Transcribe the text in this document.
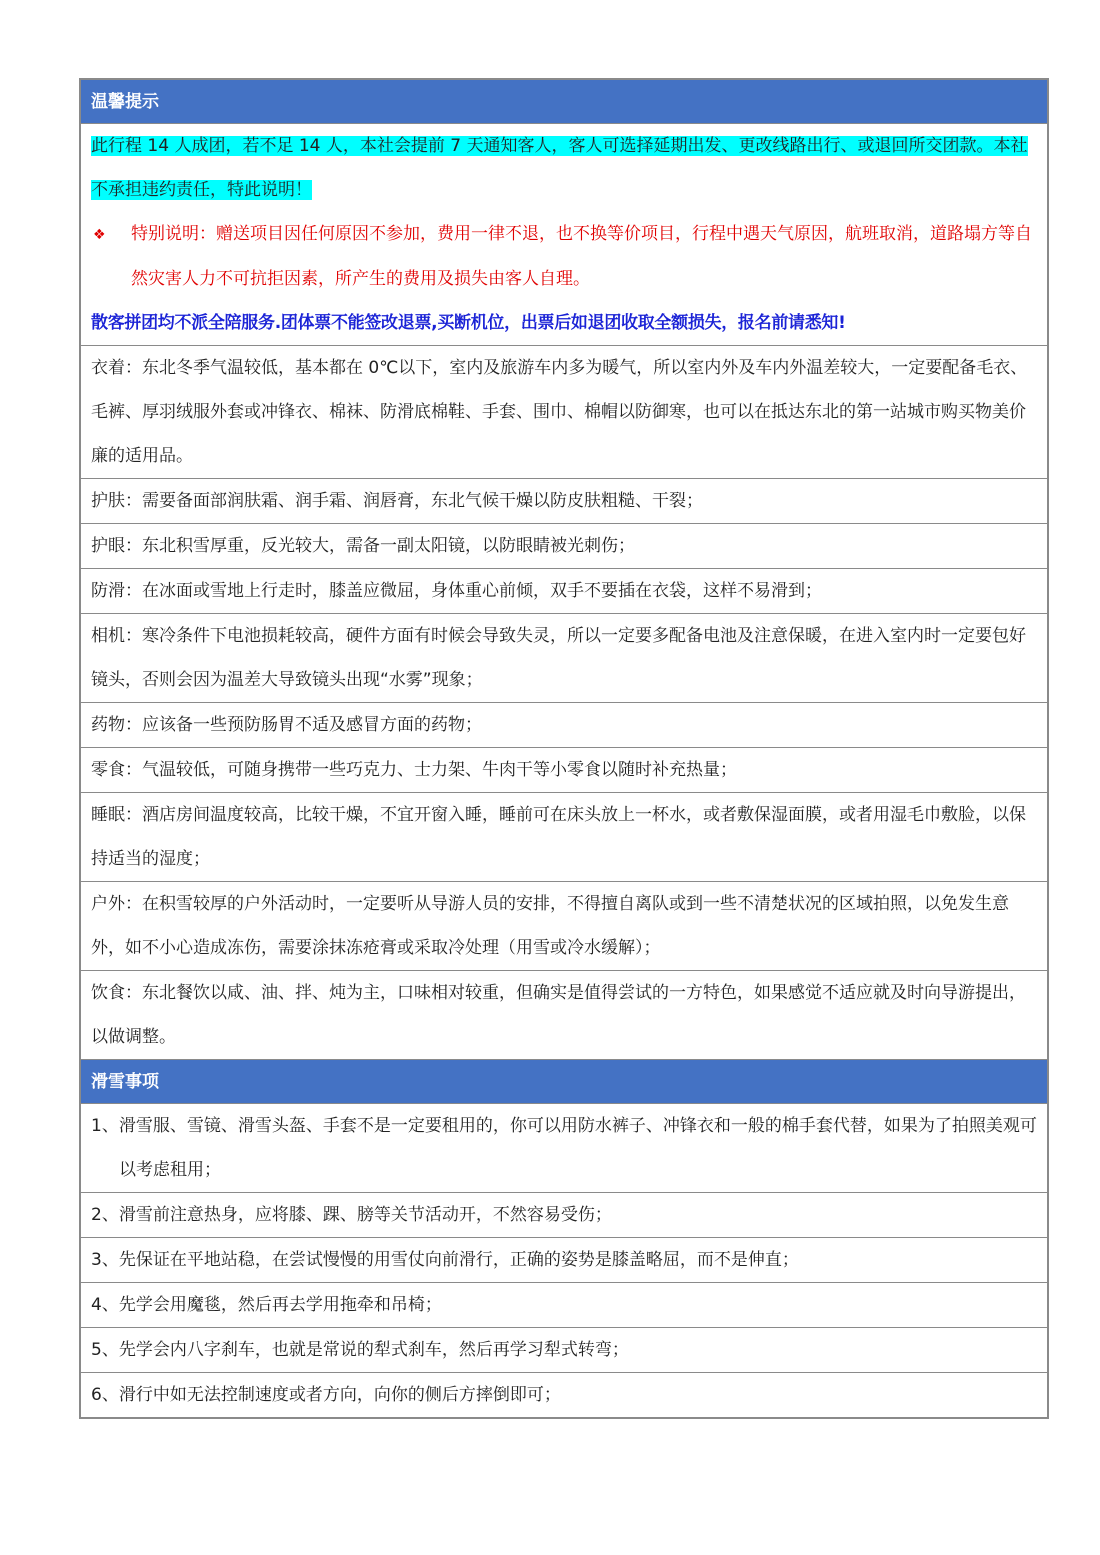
温馨提示

此行程 14 人成团，若不足 14 人，本社会提前 7 天通知客人，客人可选择延期出发、更改线路出行、或退回所交团款。本社不承担违约责任，特此说明！

❖ 特别说明：赠送项目因任何原因不参加，费用一律不退，也不换等价项目，行程中遇天气原因，航班取消，道路塌方等自然灾害人力不可抗拒因素，所产生的费用及损失由客人自理。
散客拼团均不派全陪服务.团体票不能签改退票,买断机位，出票后如退团收取全额损失，报名前请悉知!
衣着：东北冬季气温较低，基本都在 0℃以下，室内及旅游车内多为暖气，所以室内外及车内外温差较大，一定要配备毛衣、毛裤、厚羽绒服外套或冲锋衣、棉袜、防滑底棉鞋、手套、围巾、棉帽以防御寒，也可以在抵达东北的第一站城市购买物美价廉的适用品。
护肤：需要备面部润肤霜、润手霜、润唇膏，东北气候干燥以防皮肤粗糙、干裂；
护眼：东北积雪厚重，反光较大，需备一副太阳镜，以防眼睛被光刺伤；
防滑：在冰面或雪地上行走时，膝盖应微屈，身体重心前倾，双手不要插在衣袋，这样不易滑到；
相机：寒冷条件下电池损耗较高，硬件方面有时候会导致失灵，所以一定要多配备电池及注意保暖，在进入室内时一定要包好镜头，否则会因为温差大导致镜头出现“水雾”现象；
药物：应该备一些预防肠胃不适及感冒方面的药物；
零食：气温较低，可随身携带一些巧克力、士力架、牛肉干等小零食以随时补充热量；
睡眠：酒店房间温度较高，比较干燥，不宜开窗入睡，睡前可在床头放上一杯水，或者敷保湿面膜，或者用湿毛巾敷脸，以保持适当的湿度；
户外：在积雪较厚的户外活动时，一定要听从导游人员的安排，不得擅自离队或到一些不清楚状况的区域拍照，以免发生意外，如不小心造成冻伤，需要涂抹冻疮膏或采取冷处理（用雪或冷水缓解）；
饮食：东北餐饮以咸、油、拌、炖为主，口味相对较重，但确实是值得尝试的一方特色，如果感觉不适应就及时向导游提出，以做调整。
滑雪事项
1、滑雪服、雪镜、滑雪头盔、手套不是一定要租用的，你可以用防水裤子、冲锋衣和一般的棉手套代替，如果为了拍照美观可以考虑租用；
2、滑雪前注意热身，应将膝、踝、膀等关节活动开，不然容易受伤；
3、先保证在平地站稳，在尝试慢慢的用雪仗向前滑行，正确的姿势是膝盖略屈，而不是伸直；
4、先学会用魔毯，然后再去学用拖牵和吊椅；
5、先学会内八字刹车，也就是常说的犁式刹车，然后再学习犁式转弯；
6、滑行中如无法控制速度或者方向，向你的侧后方摔倒即可；
